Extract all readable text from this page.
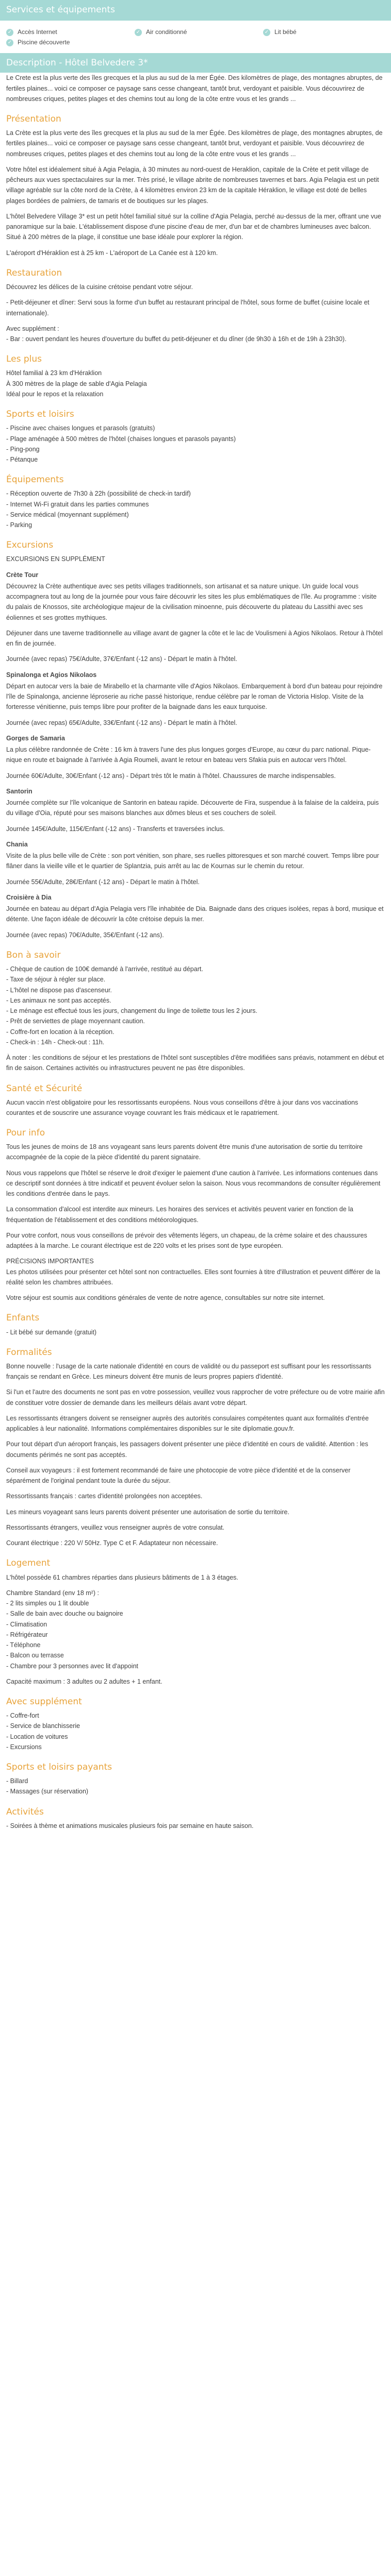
Services et équipements
✓ Accès Internet	✓ Air conditionné	✓ Lit bébé
✓ Piscine découverte
Description - Hôtel Belvedere 3*

Le Crete est la plus verte des îles grecques et la plus au sud de la mer Égée. Des kilomètres de plage, des montagnes abruptes, de fertiles plaines... voici ce composer ce paysage sans cesse changeant, tantôt brut, verdoyant et paisible. Vous découvrirez de nombreuses criques, petites plages et des chemins tout au long de la côte entre vous et les grands ...

Présentation

La Crète est la plus verte des îles grecques et la plus au sud de la mer Égée. Des kilomètres de plage, des montagnes abruptes, de fertiles plaines... voici ce composer ce paysage sans cesse changeant, tantôt brut, verdoyant et paisible. Vous découvrirez de nombreuses criques, petites plages et des chemins tout au long de la côte entre vous et les grands ...

Votre hôtel est idéalement situé à Agia Pelagia, à 30 minutes au nord-ouest de Heraklion, capitale de la Crète et petit village de pêcheurs aux vues spectaculaires sur la mer. Très prisé, le village abrite de nombreuses tavernes et bars. Agia Pelagia est un petit village agréable sur la côte nord de la Crète, à 4 kilomètres environ 23 km de la capitale Héraklion, le village est doté de belles plages bordées de palmiers, de tamaris et de boutiques sur les plages.

L'hôtel Belvedere Village 3* est un petit hôtel familial situé sur la colline d'Agia Pelagia, perché au-dessus de la mer, offrant une vue panoramique sur la baie. L'établissement dispose d'une piscine d'eau de mer, d'un bar et de chambres lumineuses avec balcon. Situé à 200 mètres de la plage, il constitue une base idéale pour explorer la région.

L'aéroport d'Héraklion est à 25 km - L'aéroport de La Canée est à 120 km.

Restauration

Découvrez les délices de la cuisine crétoise pendant votre séjour.

- Petit-déjeuner et dîner: Servi sous la forme d'un buffet au restaurant principal de l'hôtel, sous forme de buffet (cuisine locale et internationale).

Avec supplément :
- Bar : ouvert pendant les heures d'ouverture du buffet du petit-déjeuner et du dîner (de 9h30 à 16h et de 19h à 23h30).

Les plus

Hôtel familial à 23 km d'Héraklion
À 300 mètres de la plage de sable d'Agia Pelagia
Idéal pour le repos et la relaxation

Sports et loisirs

- Piscine avec chaises longues et parasols (gratuits)
- Plage aménagée à 500 mètres de l'hôtel (chaises longues et parasols payants)
- Ping-pong
- Pétanque

Équipements

- Réception ouverte de 7h30 à 22h (possibilité de check-in tardif)
- Internet Wi-Fi gratuit dans les parties communes
- Service médical (moyennant supplément)
- Parking

Excursions

EXCURSIONS EN SUPPLÉMENT

Crète Tour

Découvrez la Crète authentique avec ses petits villages traditionnels, son artisanat et sa nature unique. Un guide local vous accompagnera tout au long de la journée pour vous faire découvrir les sites les plus emblématiques de l'île. Au programme : visite du palais de Knossos, site archéologique majeur de la civilisation minoenne, puis découverte du plateau du Lassithi avec ses éoliennes et ses grottes mythiques.

Déjeuner dans une taverne traditionnelle au village avant de gagner la côte et le lac de Voulismeni à Agios Nikolaos. Retour à l'hôtel en fin de journée.

Journée (avec repas) 75€/Adulte, 37€/Enfant (-12 ans) - Départ le matin à l'hôtel.

Spinalonga et Agios Nikolaos

Départ en autocar vers la baie de Mirabello et la charmante ville d'Agios Nikolaos. Embarquement à bord d'un bateau pour rejoindre l'île de Spinalonga, ancienne léproserie au riche passé historique, rendue célèbre par le roman de Victoria Hislop. Visite de la forteresse vénitienne, puis temps libre pour profiter de la baignade dans les eaux turquoise.

Journée (avec repas) 65€/Adulte, 33€/Enfant (-12 ans) - Départ le matin à l'hôtel.

Gorges de Samaria

La plus célèbre randonnée de Crète : 16 km à travers l'une des plus longues gorges d'Europe, au cœur du parc national. Pique-nique en route et baignade à l'arrivée à Agia Roumeli, avant le retour en bateau vers Sfakia puis en autocar vers l'hôtel.

Journée 60€/Adulte, 30€/Enfant (-12 ans) - Départ très tôt le matin à l'hôtel. Chaussures de marche indispensables.

Santorin

Journée complète sur l'île volcanique de Santorin en bateau rapide. Découverte de Fira, suspendue à la falaise de la caldeira, puis du village d'Oia, réputé pour ses maisons blanches aux dômes bleus et ses couchers de soleil.

Journée 145€/Adulte, 115€/Enfant (-12 ans) - Transferts et traversées inclus.

Chania

Visite de la plus belle ville de Crète : son port vénitien, son phare, ses ruelles pittoresques et son marché couvert. Temps libre pour flâner dans la vieille ville et le quartier de Splantzia, puis arrêt au lac de Kournas sur le chemin du retour.

Journée 55€/Adulte, 28€/Enfant (-12 ans) - Départ le matin à l'hôtel.

Croisière à Dia

Journée en bateau au départ d'Agia Pelagia vers l'île inhabitée de Dia. Baignade dans des criques isolées, repas à bord, musique et détente. Une façon idéale de découvrir la côte crétoise depuis la mer.

Journée (avec repas) 70€/Adulte, 35€/Enfant (-12 ans).

Bon à savoir

- Chèque de caution de 100€ demandé à l'arrivée, restitué au départ.
- Taxe de séjour à régler sur place.
- L'hôtel ne dispose pas d'ascenseur.
- Les animaux ne sont pas acceptés.
- Le ménage est effectué tous les jours, changement du linge de toilette tous les 2 jours.
- Prêt de serviettes de plage moyennant caution.
- Coffre-fort en location à la réception.
- Check-in : 14h - Check-out : 11h.

À noter : les conditions de séjour et les prestations de l'hôtel sont susceptibles d'être modifiées sans préavis, notamment en début et fin de saison. Certaines activités ou infrastructures peuvent ne pas être disponibles.

Santé et Sécurité

Aucun vaccin n'est obligatoire pour les ressortissants européens. Nous vous conseillons d'être à jour dans vos vaccinations courantes et de souscrire une assurance voyage couvrant les frais médicaux et le rapatriement.

Pour info

Tous les jeunes de moins de 18 ans voyageant sans leurs parents doivent être munis d'une autorisation de sortie du territoire accompagnée de la copie de la pièce d'identité du parent signataire.

Nous vous rappelons que l'hôtel se réserve le droit d'exiger le paiement d'une caution à l'arrivée. Les informations contenues dans ce descriptif sont données à titre indicatif et peuvent évoluer selon la saison. Nous vous recommandons de consulter régulièrement les conditions d'entrée dans le pays.

La consommation d'alcool est interdite aux mineurs. Les horaires des services et activités peuvent varier en fonction de la fréquentation de l'établissement et des conditions météorologiques.

Pour votre confort, nous vous conseillons de prévoir des vêtements légers, un chapeau, de la crème solaire et des chaussures adaptées à la marche. Le courant électrique est de 220 volts et les prises sont de type européen.

PRÉCISIONS IMPORTANTES
Les photos utilisées pour présenter cet hôtel sont non contractuelles. Elles sont fournies à titre d'illustration et peuvent différer de la réalité selon les chambres attribuées.

Votre séjour est soumis aux conditions générales de vente de notre agence, consultables sur notre site internet.

Enfants

- Lit bébé sur demande (gratuit)

Formalités

Bonne nouvelle : l'usage de la carte nationale d'identité en cours de validité ou du passeport est suffisant pour les ressortissants français se rendant en Grèce. Les mineurs doivent être munis de leurs propres papiers d'identité.

Si l'un et l'autre des documents ne sont pas en votre possession, veuillez vous rapprocher de votre préfecture ou de votre mairie afin de constituer votre dossier de demande dans les meilleurs délais avant votre départ.

Les ressortissants étrangers doivent se renseigner auprès des autorités consulaires compétentes quant aux formalités d'entrée applicables à leur nationalité. Informations complémentaires disponibles sur le site diplomatie.gouv.fr.

Pour tout départ d'un aéroport français, les passagers doivent présenter une pièce d'identité en cours de validité. Attention : les documents périmés ne sont pas acceptés.

Conseil aux voyageurs : il est fortement recommandé de faire une photocopie de votre pièce d'identité et de la conserver séparément de l'original pendant toute la durée du séjour.

Ressortissants français : cartes d'identité prolongées non acceptées.

Les mineurs voyageant sans leurs parents doivent présenter une autorisation de sortie du territoire.

Ressortissants étrangers, veuillez vous renseigner auprès de votre consulat.

Courant électrique : 220 V/ 50Hz. Type C et F. Adaptateur non nécessaire.

Logement

L'hôtel possède 61 chambres réparties dans plusieurs bâtiments de 1 à 3 étages.

Chambre Standard (env 18 m²) :
- 2 lits simples ou 1 lit double
- Salle de bain avec douche ou baignoire
- Climatisation
- Réfrigérateur
- Téléphone
- Balcon ou terrasse
- Chambre pour 3 personnes avec lit d'appoint

Capacité maximum : 3 adultes ou 2 adultes + 1 enfant.

Avec supplément

- Coffre-fort
- Service de blanchisserie
- Location de voitures
- Excursions

Sports et loisirs payants

- Billard
- Massages (sur réservation)

Activités

- Soirées à thème et animations musicales plusieurs fois par semaine en haute saison.
